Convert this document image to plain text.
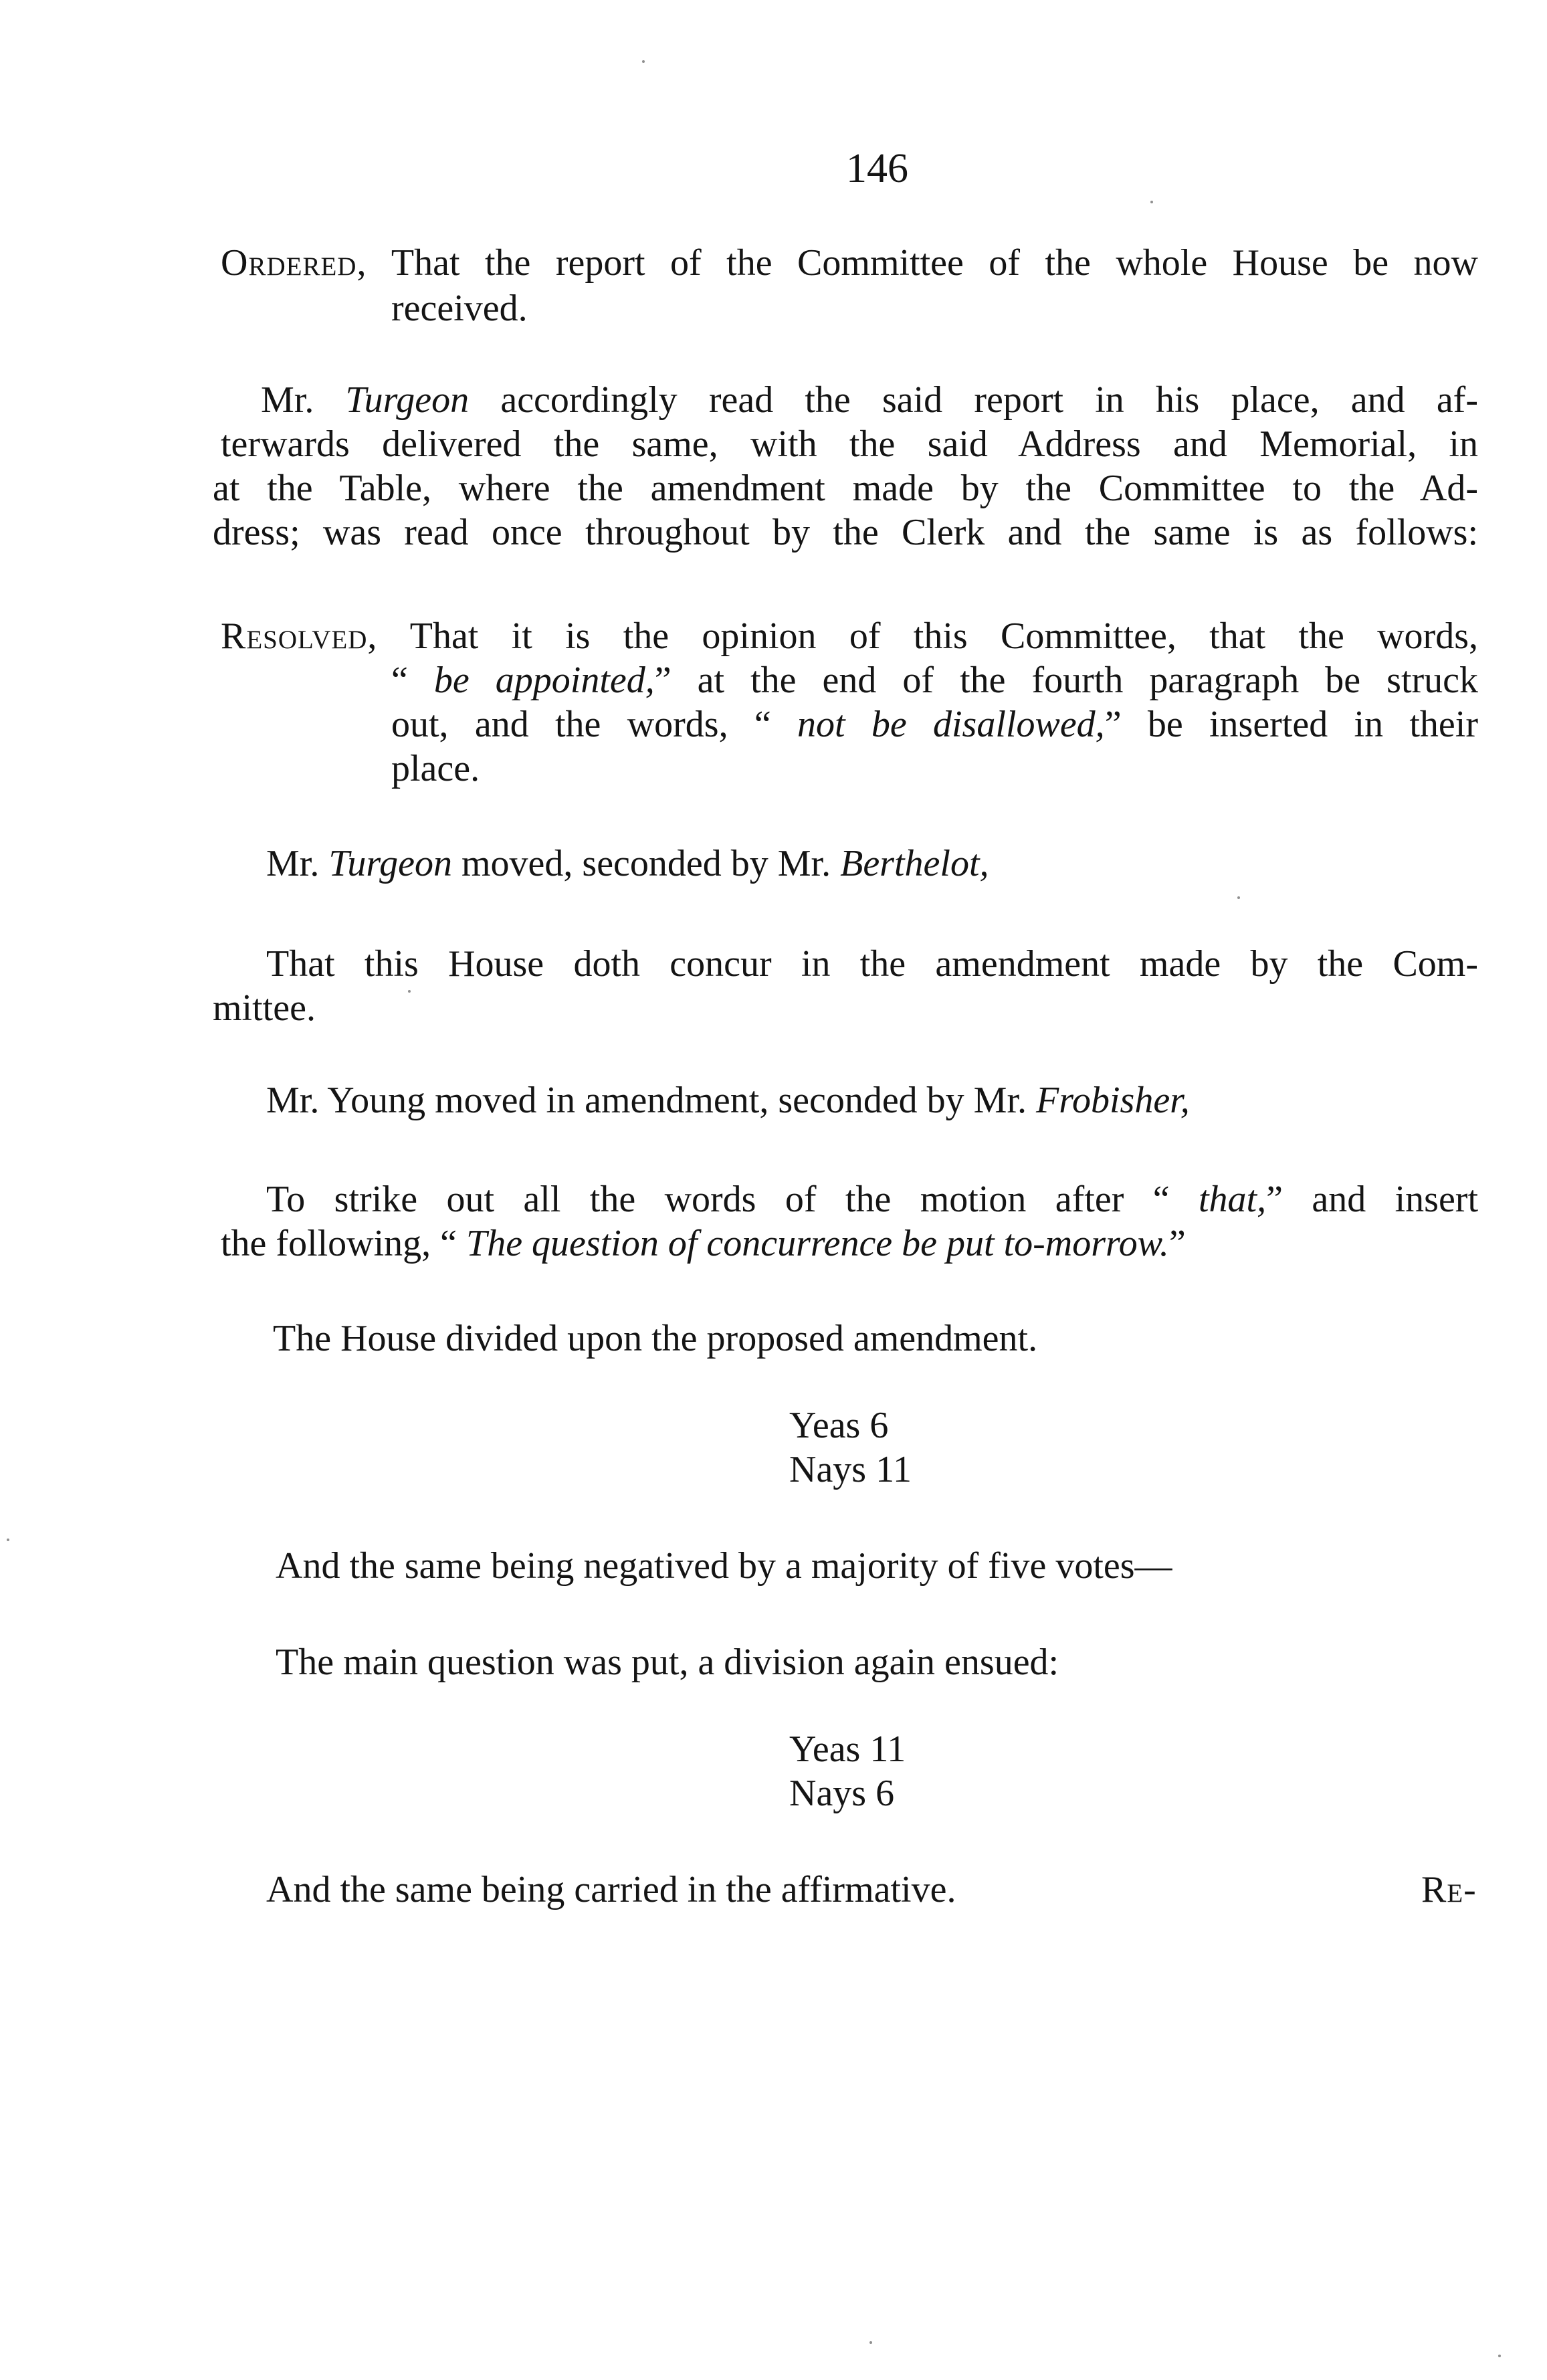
146
Ordered, That the report of the Committee of the whole House be now
received.
Mr. Turgeon accordingly read the said report in his place, and af-
terwards delivered the same, with the said Address and Memorial, in
at the Table, where the amendment made by the Committee to the Ad-
dress; was read once throughout by the Clerk and the same is as follows:
Resolved, That it is the opinion of this Committee, that the words,
“ be appointed,” at the end of the fourth paragraph be struck
out, and the words, “ not be disallowed,” be inserted in their
place.
Mr. Turgeon moved, seconded by Mr. Berthelot,
That this House doth concur in the amendment made by the Com-
mittee.
Mr. Young moved in amendment, seconded by Mr. Frobisher,
To strike out all the words of the motion after “ that,” and insert
the following, “ The question of concurrence be put to-morrow.”
The House divided upon the proposed amendment.
Yeas 6
Nays 11
And the same being negatived by a majority of five votes—
The main question was put, a division again ensued:
Yeas 11
Nays 6
And the same being carried in the affirmative.	Re-
